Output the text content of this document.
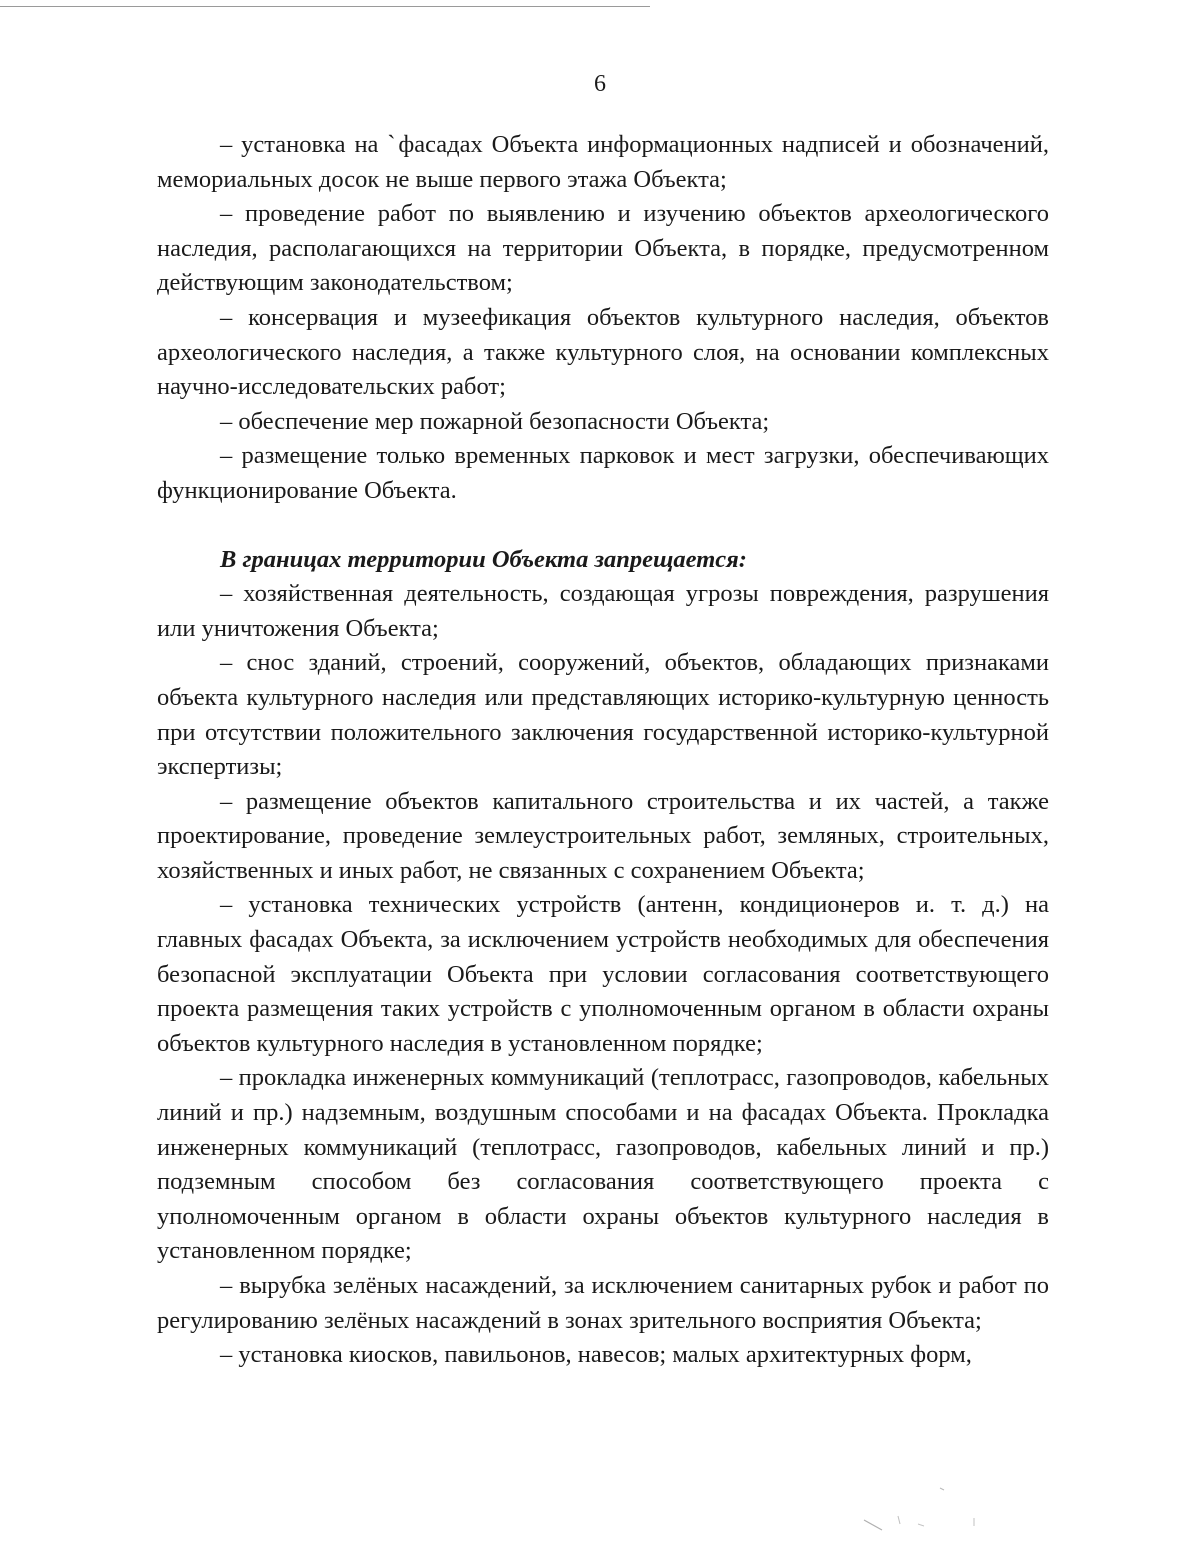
6

– установка на ˋфасадах Объекта информационных надписей и обозначений, мемориальных досок не выше первого этажа Объекта;

– проведение работ по выявлению и изучению объектов археологического наследия, располагающихся на территории Объекта, в порядке, предусмотренном действующим законодательством;

– консервация и музеефикация объектов культурного наследия, объектов археологического наследия, а также культурного слоя, на основании комплексных научно-исследовательских работ;

– обеспечение мер пожарной безопасности Объекта;

– размещение только временных парковок и мест загрузки, обеспечивающих функционирование Объекта.

В границах территории Объекта запрещается:

– хозяйственная деятельность, создающая угрозы повреждения, разрушения или уничтожения Объекта;

– снос зданий, строений, сооружений, объектов, обладающих признаками объекта культурного наследия или представляющих историко-культурную ценность при отсутствии положительного заключения государственной историко-культурной экспертизы;

– размещение объектов капитального строительства и их частей, а также проектирование, проведение землеустроительных работ, земляных, строительных, хозяйственных и иных работ, не связанных с сохранением Объекта;

– установка технических устройств (антенн, кондиционеров и. т. д.) на главных фасадах Объекта, за исключением устройств необходимых для обеспечения безопасной эксплуатации Объекта при условии согласования соответствующего проекта размещения таких устройств с уполномоченным органом в области охраны объектов культурного наследия в установленном порядке;

– прокладка инженерных коммуникаций (теплотрасс, газопроводов, кабельных линий и пр.) надземным, воздушным способами и на фасадах Объекта. Прокладка инженерных коммуникаций (теплотрасс, газопроводов, кабельных линий и пр.) подземным способом без согласования соответствующего проекта с уполномоченным органом в области охраны объектов культурного наследия в установленном порядке;

– вырубка зелёных насаждений, за исключением санитарных рубок и работ по регулированию зелёных насаждений в зонах зрительного восприятия Объекта;

– установка киосков, павильонов, навесов; малых архитектурных форм,
